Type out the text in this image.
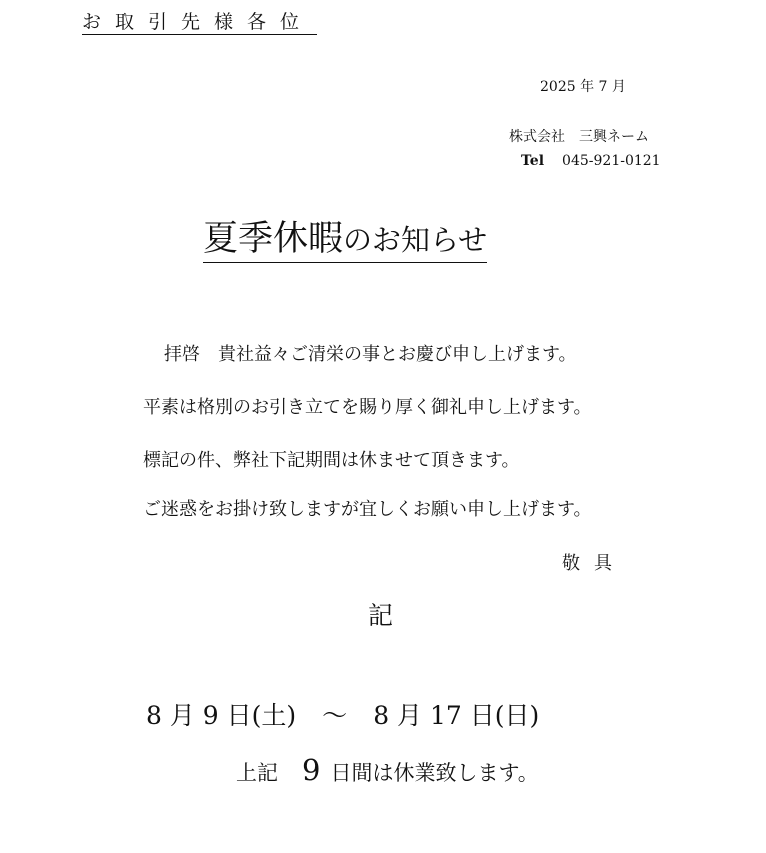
お取引先様各位
2025 年 7 月
株式会社　三興ネーム
Tel 045-921-0121
夏季休暇のお知らせ
拝啓　貴社益々ご清栄の事とお慶び申し上げます。
平素は格別のお引き立てを賜り厚く御礼申し上げます。
標記の件、弊社下記期間は休ませて頂きます。
ご迷惑をお掛け致しますが宜しくお願い申し上げます。
敬具
記
8 月 9 日(土) ～ 8 月 17 日(日)
上記 9 日間は休業致します。
